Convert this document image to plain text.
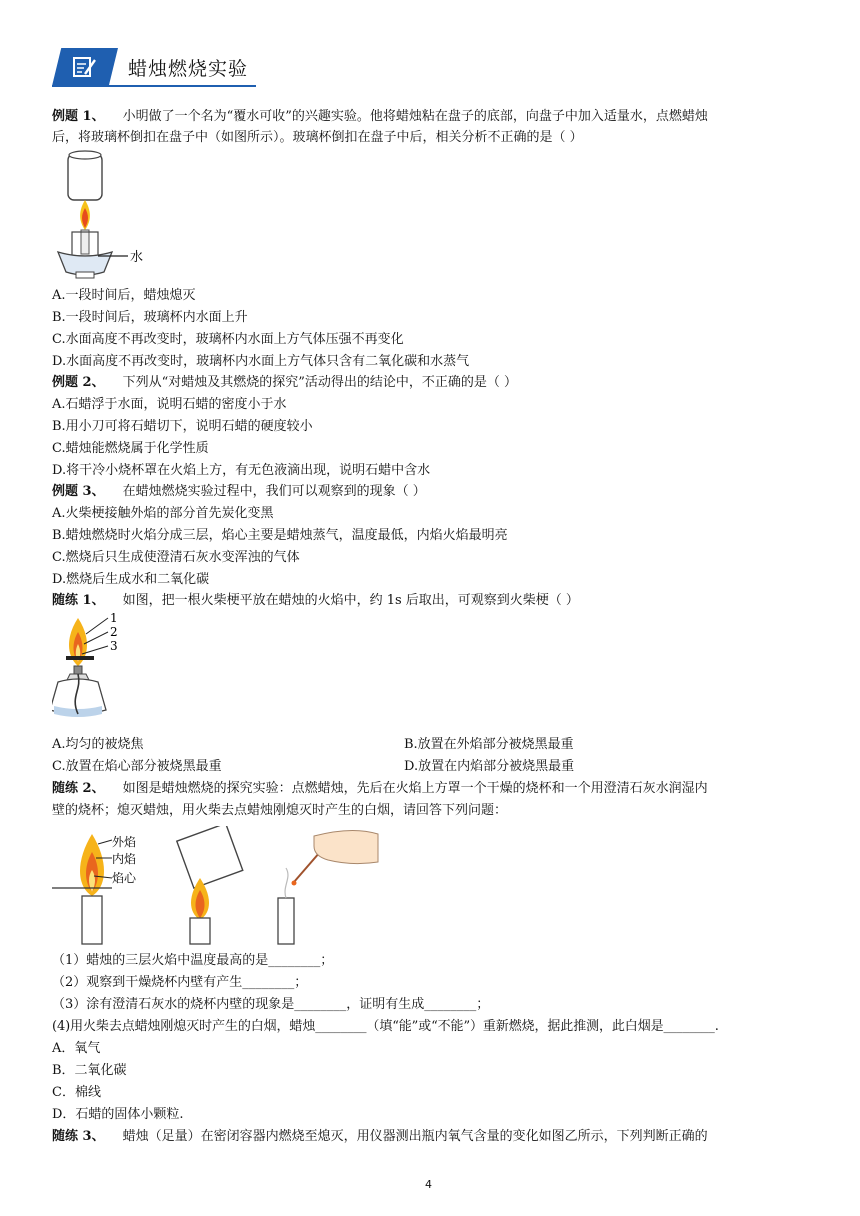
蜡烛燃烧实验
例题 1、 小明做了一个名为“覆水可收”的兴趣实验。他将蜡烛粘在盘子的底部，向盘子中加入适量水，点燃蜡烛
后，将玻璃杯倒扣在盘子中（如图所示）。玻璃杯倒扣在盘子中后，相关分析不正确的是（ ）
水
A.一段时间后，蜡烛熄灭
B.一段时间后，玻璃杯内水面上升
C.水面高度不再改变时，玻璃杯内水面上方气体压强不再变化
D.水面高度不再改变时，玻璃杯内水面上方气体只含有二氧化碳和水蒸气
例题 2、 下列从“对蜡烛及其燃烧的探究”活动得出的结论中，不正确的是（ ）
A.石蜡浮于水面，说明石蜡的密度小于水
B.用小刀可将石蜡切下，说明石蜡的硬度较小
C.蜡烛能燃烧属于化学性质
D.将干冷小烧杯罩在火焰上方，有无色液滴出现，说明石蜡中含水
例题 3、 在蜡烛燃烧实验过程中，我们可以观察到的现象（ ）
A.火柴梗接触外焰的部分首先炭化变黑
B.蜡烛燃烧时火焰分成三层，焰心主要是蜡烛蒸气，温度最低，内焰火焰最明亮
C.燃烧后只生成使澄清石灰水变浑浊的气体
D.燃烧后生成水和二氧化碳
随练 1、 如图，把一根火柴梗平放在蜡烛的火焰中，约 1s 后取出，可观察到火柴梗（ ）
1
2
3
A.均匀的被烧焦	B.放置在外焰部分被烧黑最重
C.放置在焰心部分被烧黑最重	D.放置在内焰部分被烧黑最重
随练 2、 如图是蜡烛燃烧的探究实验：点燃蜡烛，先后在火焰上方罩一个干燥的烧杯和一个用澄清石灰水润湿内
壁的烧杯；熄灭蜡烛，用火柴去点蜡烛刚熄灭时产生的白烟，请回答下列问题：
外焰
内焰
焰心
（1）蜡烛的三层火焰中温度最高的是________；
（2）观察到干燥烧杯内壁有产生________；
（3）涂有澄清石灰水的烧杯内壁的现象是________，证明有生成________；
(4)用火柴去点蜡烛刚熄灭时产生的白烟，蜡烛________（填“能”或“不能”）重新燃烧，据此推测，此白烟是________.
A．氧气
B．二氧化碳
C．棉线
D．石蜡的固体小颗粒.
随练 3、 蜡烛（足量）在密闭容器内燃烧至熄灭，用仪器测出瓶内氧气含量的变化如图乙所示，下列判断正确的
4
